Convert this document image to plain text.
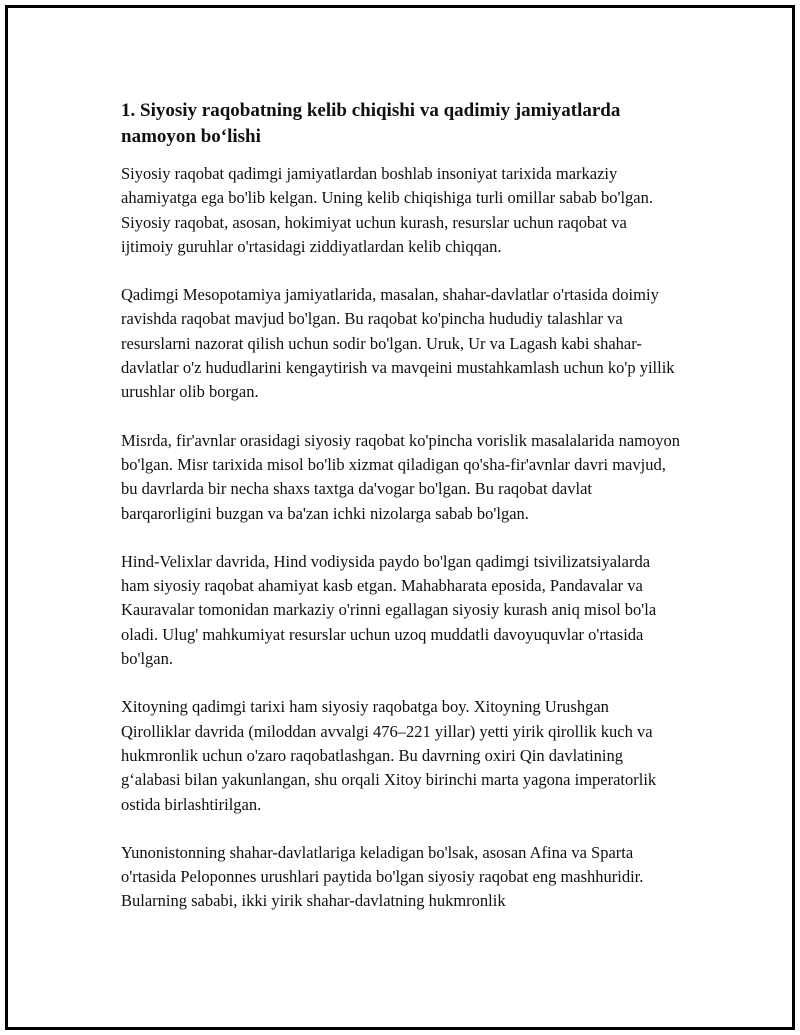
1. Siyosiy raqobatning kelib chiqishi va qadimiy jamiyatlarda namoyon bo‘lishi

Siyosiy raqobat qadimgi jamiyatlardan boshlab insoniyat tarixida markaziy ahamiyatga ega bo'lib kelgan. Uning kelib chiqishiga turli omillar sabab bo'lgan. Siyosiy raqobat, asosan, hokimiyat uchun kurash, resurslar uchun raqobat va ijtimoiy guruhlar o'rtasidagi ziddiyatlardan kelib chiqqan.

Qadimgi Mesopotamiya jamiyatlarida, masalan, shahar-davlatlar o'rtasida doimiy ravishda raqobat mavjud bo'lgan. Bu raqobat ko'pincha hududiy talashlar va resurslarni nazorat qilish uchun sodir bo'lgan. Uruk, Ur va Lagash kabi shahar-davlatlar o'z hududlarini kengaytirish va mavqeini mustahkamlash uchun ko'p yillik urushlar olib borgan.

Misrda, fir'avnlar orasidagi siyosiy raqobat ko'pincha vorislik masalalarida namoyon bo'lgan. Misr tarixida misol bo'lib xizmat qiladigan qo'sha-fir'avnlar davri mavjud, bu davrlarda bir necha shaxs taxtga da'vogar bo'lgan. Bu raqobat davlat barqarorligini buzgan va ba'zan ichki nizolarga sabab bo'lgan.

Hind-Velixlar davrida, Hind vodiysida paydo bo'lgan qadimgi tsivilizatsiyalarda ham siyosiy raqobat ahamiyat kasb etgan. Mahabharata eposida, Pandavalar va Kauravalar tomonidan markaziy o'rinni egallagan siyosiy kurash aniq misol bo'la oladi. Ulug' mahkumiyat resurslar uchun uzoq muddatli davoyuquvlar o'rtasida bo'lgan.

Xitoyning qadimgi tarixi ham siyosiy raqobatga boy. Xitoyning Urushgan Qirolliklar davrida (miloddan avvalgi 476–221 yillar) yetti yirik qirollik kuch va hukmronlik uchun o'zaro raqobatlashgan. Bu davrning oxiri Qin davlatining g‘alabasi bilan yakunlangan, shu orqali Xitoy birinchi marta yagona imperatorlik ostida birlashtirilgan.

Yunonistonning shahar-davlatlariga keladigan bo'lsak, asosan Afina va Sparta o'rtasida Peloponnes urushlari paytida bo'lgan siyosiy raqobat eng mashhuridir. Bularning sababi, ikki yirik shahar-davlatning hukmronlik
